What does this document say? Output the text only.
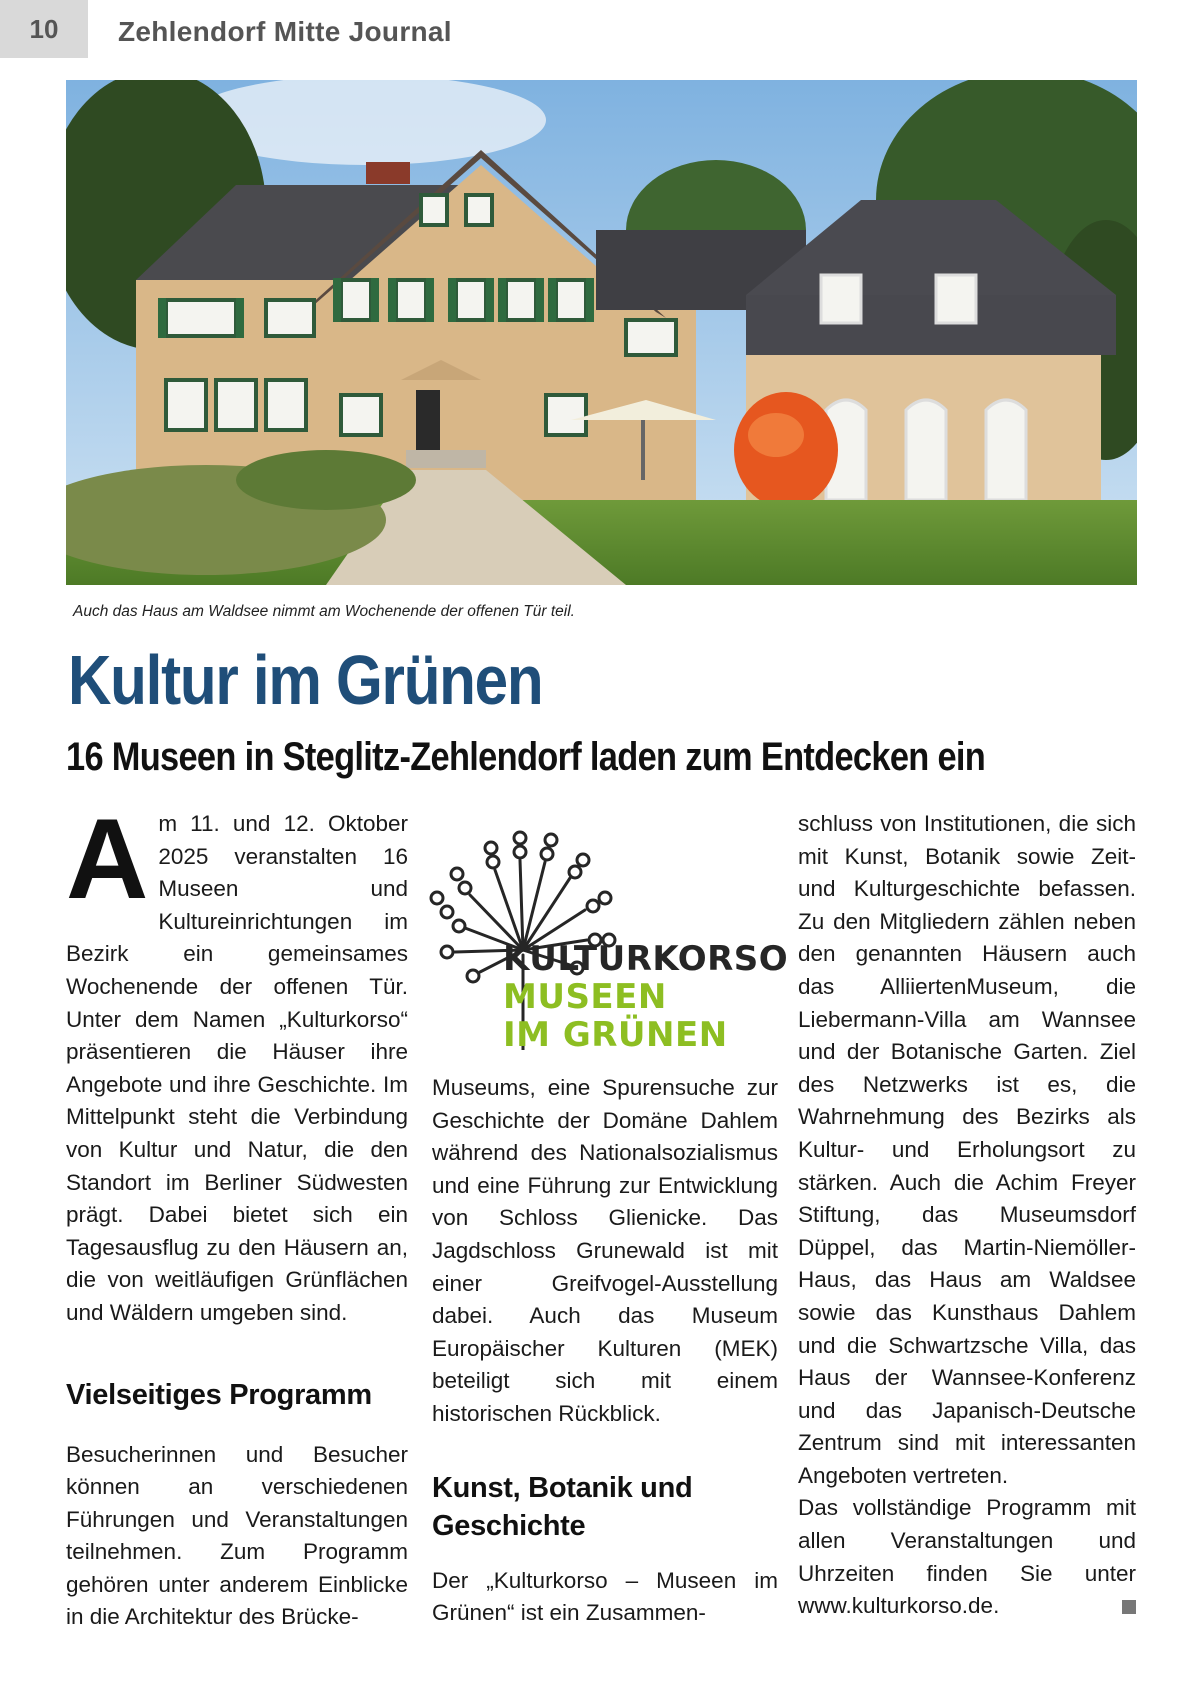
10	Zehlendorf Mitte Journal
Auch das Haus am Waldsee nimmt am Wochenende der offenen Tür teil.
Kultur im Grünen
16 Museen in Steglitz-Zehlendorf laden zum Entdecken ein

Am 11. und 12. Oktober 2025 veranstalten 16 Museen und Kultureinrichtungen im Bezirk ein gemeinsames Wochenende der offenen Tür. Unter dem Namen „Kulturkorso“ präsentieren die Häuser ihre Angebote und ihre Geschichte. Im Mittelpunkt steht die Verbindung von Kultur und Natur, die den Standort im Berliner Südwesten prägt. Dabei bietet sich ein Tagesausflug zu den Häusern an, die von weitläufigen Grünflächen und Wäldern umgeben sind.

Vielseitiges Programm

Besucherinnen und Besucher können an verschiedenen Führungen und Veranstaltungen teilnehmen. Zum Programm gehören unter anderem Einblicke in die Architektur des Brücke-

KULTURKORSO
MUSEEN
IM GRÜNEN

Museums, eine Spurensuche zur Geschichte der Domäne Dahlem während des Nationalsozialismus und eine Führung zur Entwicklung von Schloss Glienicke. Das Jagdschloss Grunewald ist mit einer Greifvogel-Ausstellung dabei. Auch das Museum Europäischer Kulturen (MEK) beteiligt sich mit einem historischen Rückblick.

Kunst, Botanik und Geschichte

Der „Kulturkorso – Museen im Grünen“ ist ein Zusammen-

schluss von Institutionen, die sich mit Kunst, Botanik sowie Zeit- und Kulturgeschichte befassen. Zu den Mitgliedern zählen neben den genannten Häusern auch das AlliiertenMuseum, die Liebermann-Villa am Wannsee und der Botanische Garten. Ziel des Netzwerks ist es, die Wahrnehmung des Bezirks als Kultur- und Erholungsort zu stärken. Auch die Achim Freyer Stiftung, das Museumsdorf Düppel, das Martin-Niemöller-Haus, das Haus am Waldsee sowie das Kunsthaus Dahlem und die Schwartzsche Villa, das Haus der Wannsee-Konferenz und das Japanisch-Deutsche Zentrum sind mit interessanten Angeboten vertreten.

Das vollständige Programm mit allen Veranstaltungen und Uhrzeiten finden Sie unter www.kulturkorso.de.
